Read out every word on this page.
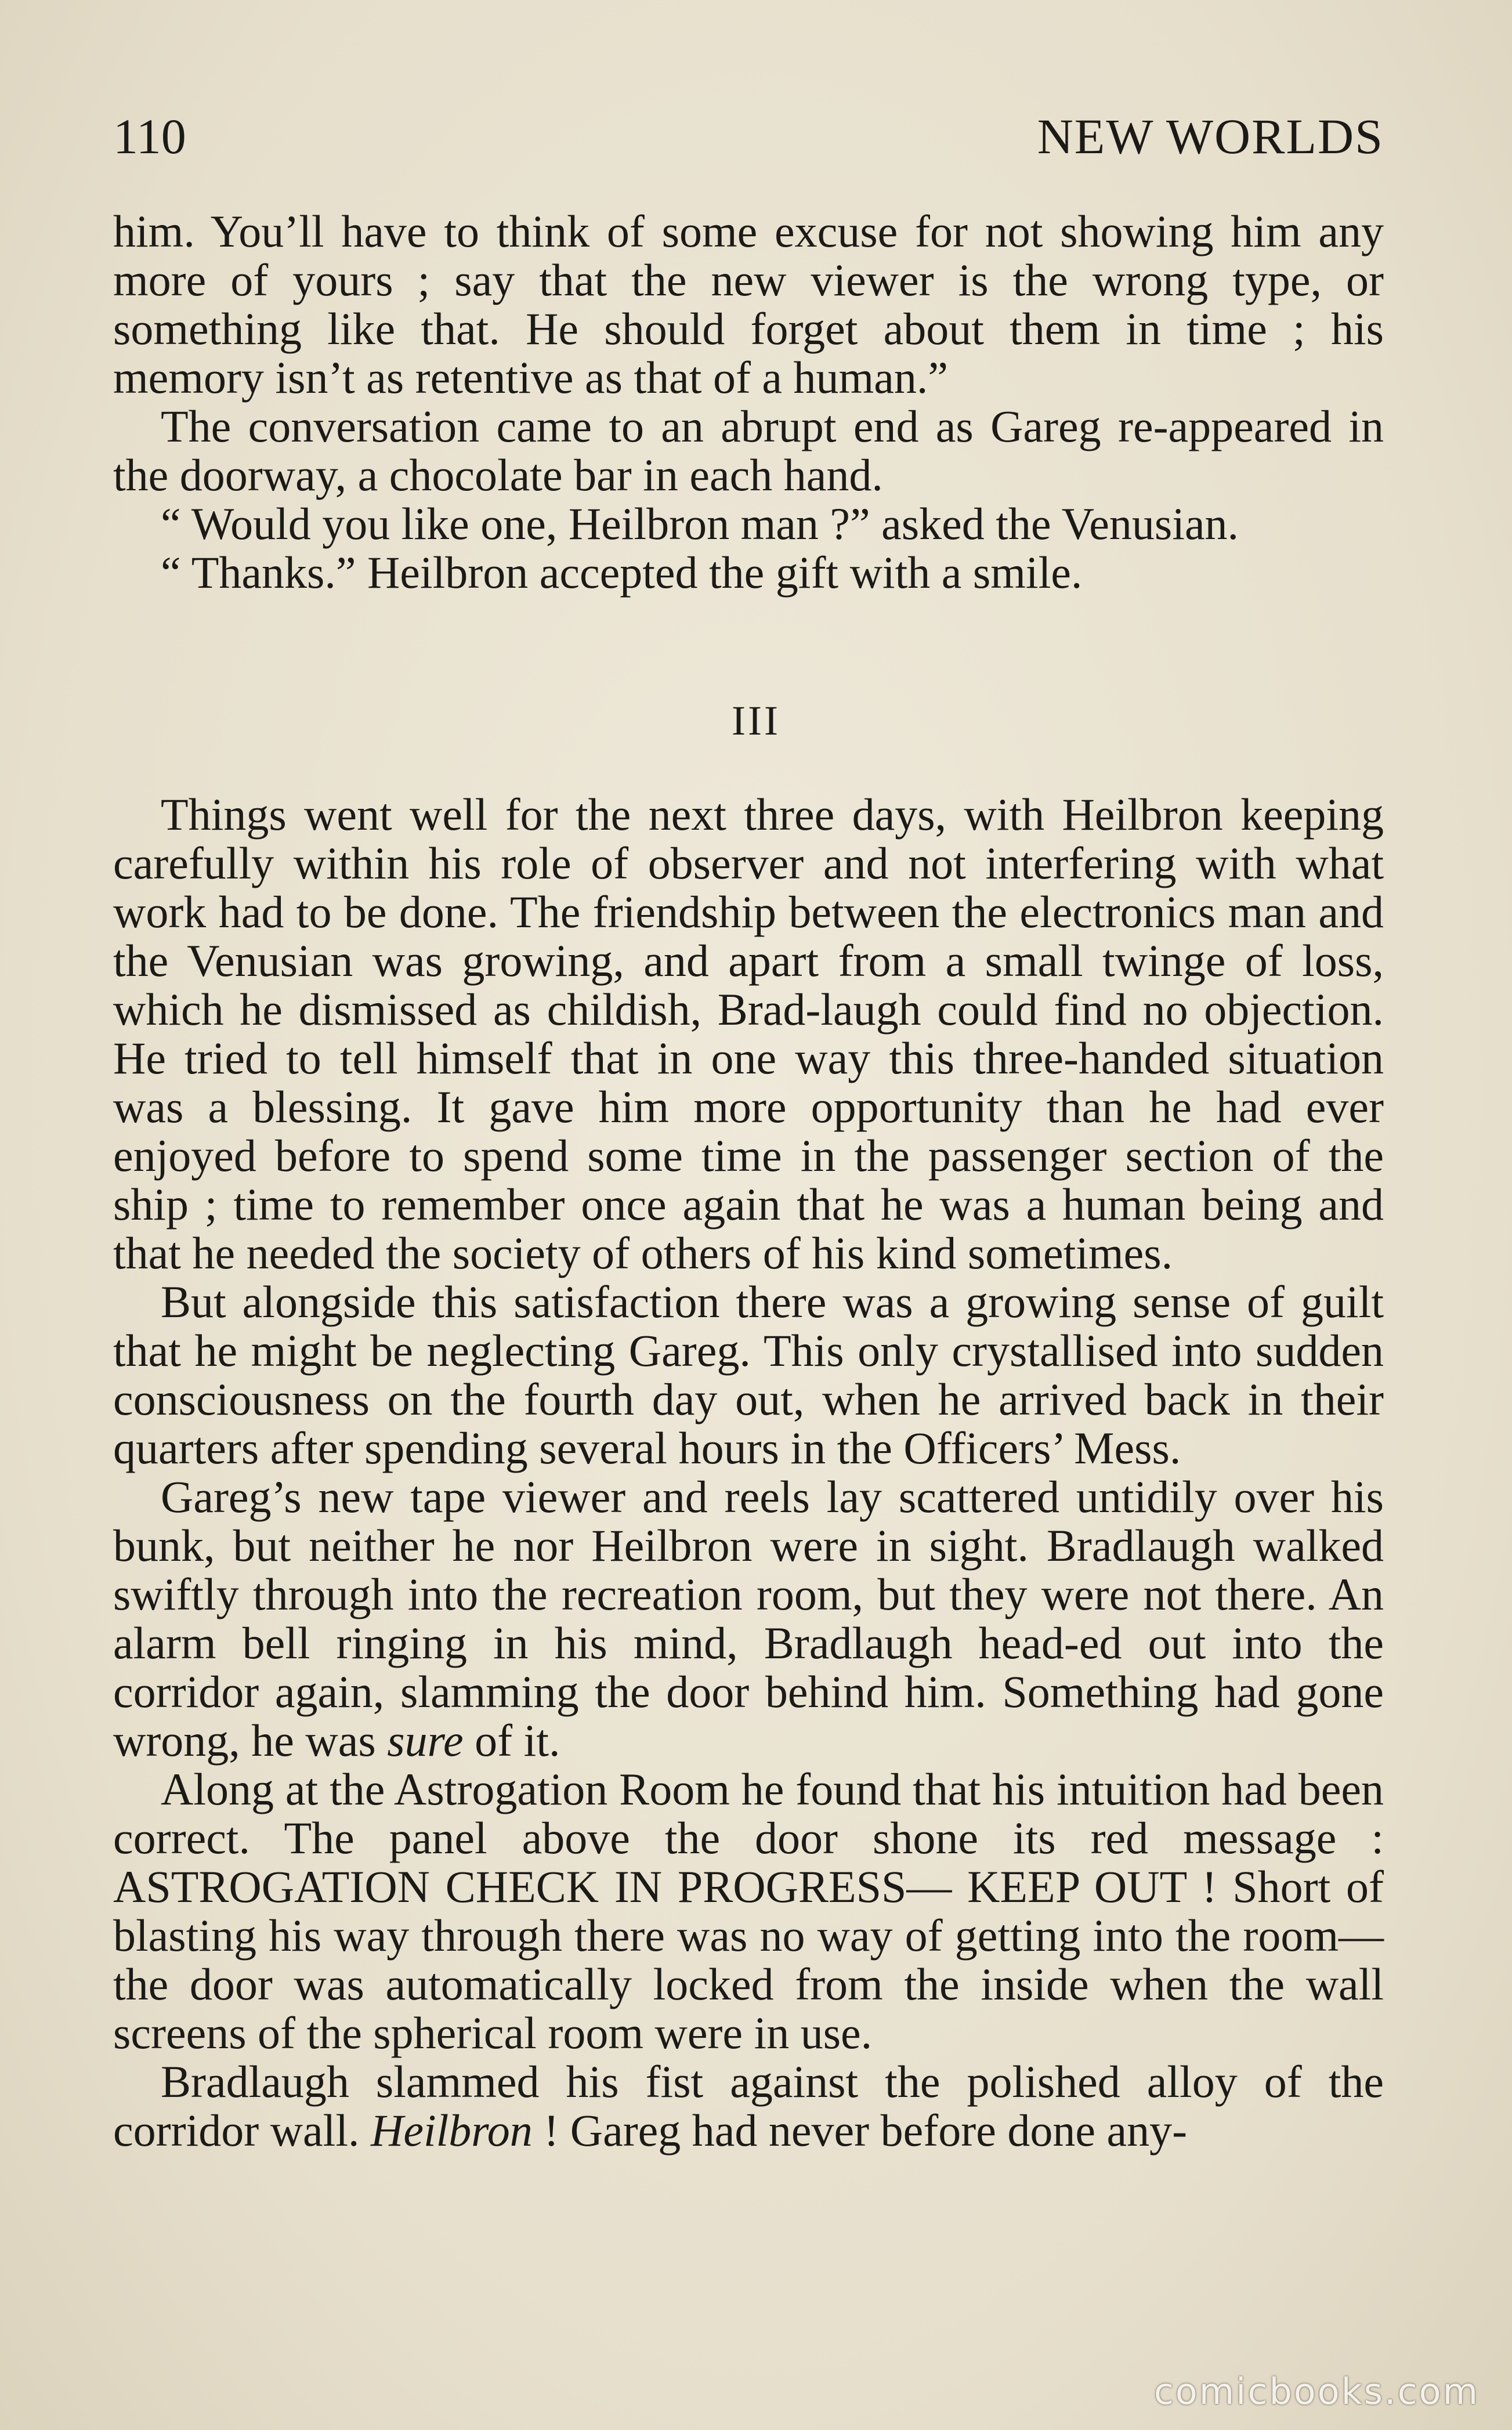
110	NEW WORLDS

him. You’ll have to think of some excuse for not showing him any more of yours ; say that the new viewer is the wrong type, or something like that. He should forget about them in time ; his memory isn’t as retentive as that of a human.”

The conversation came to an abrupt end as Gareg re-appeared in the doorway, a chocolate bar in each hand.

“ Would you like one, Heilbron man ?” asked the Venusian.

“ Thanks.” Heilbron accepted the gift with a smile.

III

Things went well for the next three days, with Heilbron keeping carefully within his role of observer and not interfering with what work had to be done. The friendship between the electronics man and the Venusian was growing, and apart from a small twinge of loss, which he dismissed as childish, Brad-laugh could find no objection. He tried to tell himself that in one way this three-handed situation was a blessing. It gave him more opportunity than he had ever enjoyed before to spend some time in the passenger section of the ship ; time to remember once again that he was a human being and that he needed the society of others of his kind sometimes.

But alongside this satisfaction there was a growing sense of guilt that he might be neglecting Gareg. This only crystallised into sudden consciousness on the fourth day out, when he arrived back in their quarters after spending several hours in the Officers’ Mess.

Gareg’s new tape viewer and reels lay scattered untidily over his bunk, but neither he nor Heilbron were in sight. Bradlaugh walked swiftly through into the recreation room, but they were not there. An alarm bell ringing in his mind, Bradlaugh head-ed out into the corridor again, slamming the door behind him. Something had gone wrong, he was sure of it.

Along at the Astrogation Room he found that his intuition had been correct. The panel above the door shone its red message : ASTROGATION CHECK IN PROGRESS— KEEP OUT ! Short of blasting his way through there was no way of getting into the room—the door was automatically locked from the inside when the wall screens of the spherical room were in use.

Bradlaugh slammed his fist against the polished alloy of the corridor wall. Heilbron ! Gareg had never before done any-

comicbooks.com
